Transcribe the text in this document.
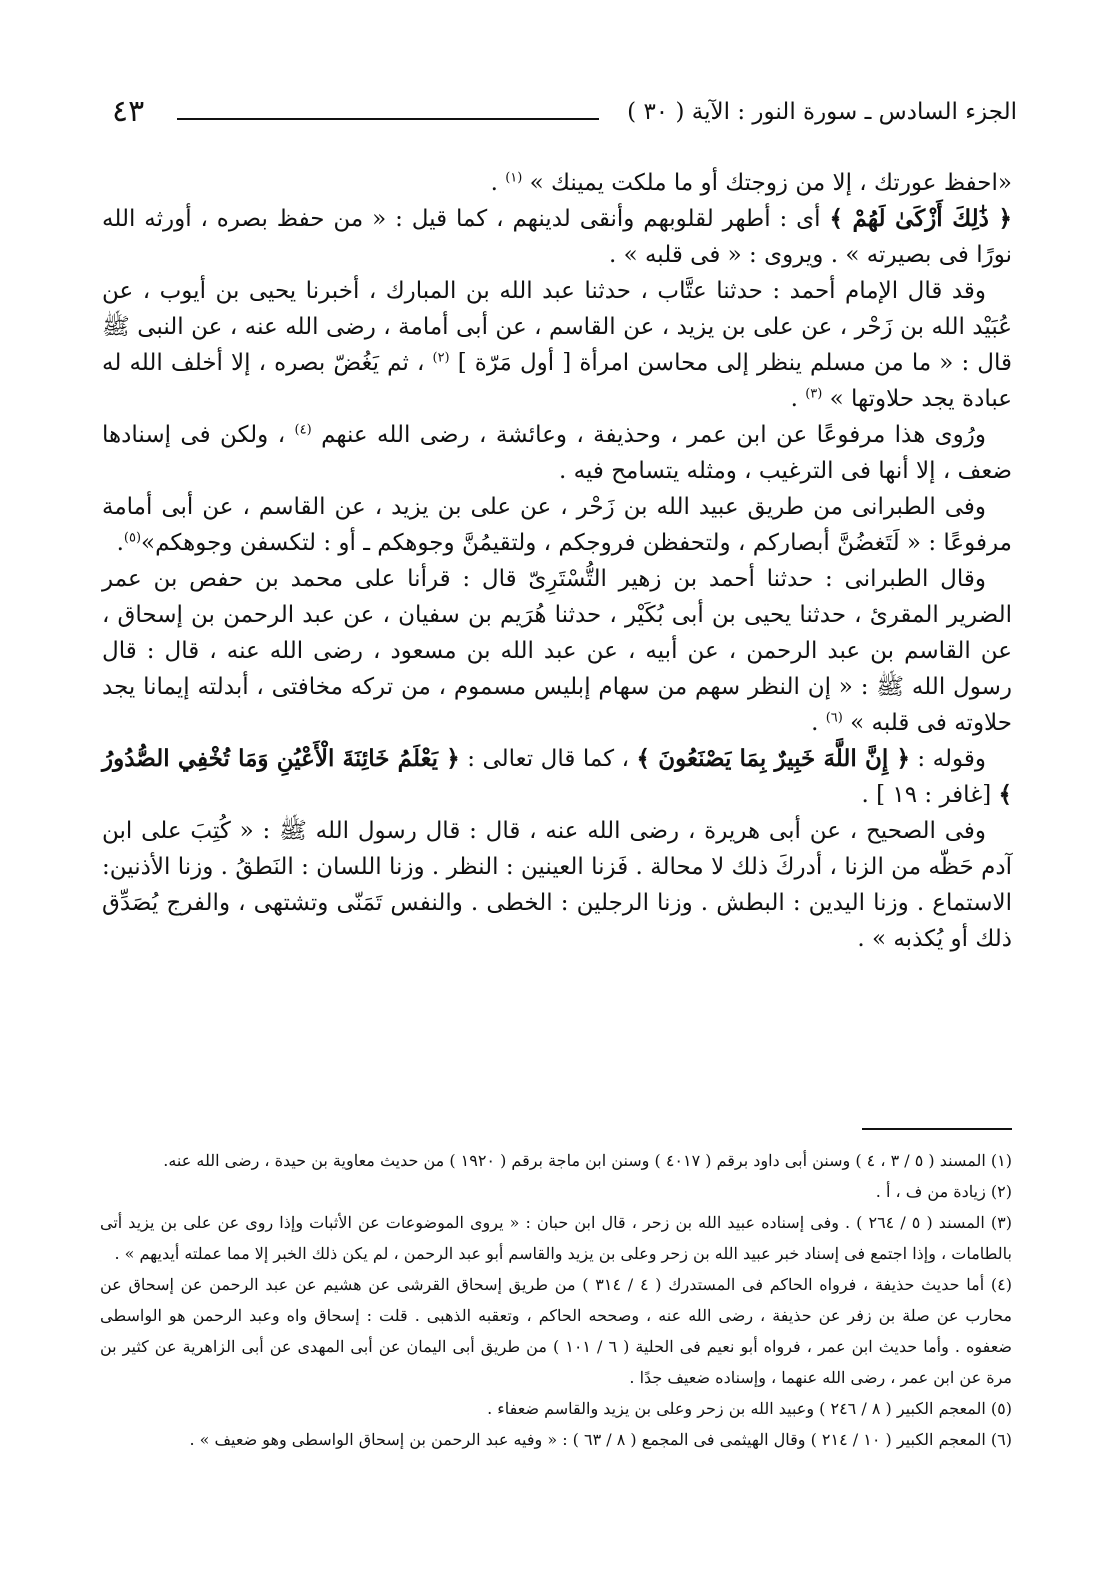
الجزء السادس ـ سورة النور : الآية ( ٣٠ )
٤٣

«احفظ عورتك ، إلا من زوجتك أو ما ملكت يمينك » $^{(١)}$ .

﴿ ذَٰلِكَ أَزْكَىٰ لَهُمْ ﴾ أى : أطهر لقلوبهم وأنقى لدينهم ، كما قيل : « من حفظ بصره ، أورثه الله نورًا فى بصيرته » . ويروى : « فى قلبه » .

وقد قال الإمام أحمد : حدثنا عتَّاب ، حدثنا عبد الله بن المبارك ، أخبرنا يحيى بن أيوب ، عن عُبَيْد الله بن زَحْر ، عن على بن يزيد ، عن القاسم ، عن أبى أمامة ، رضى الله عنه ، عن النبى ﷺ قال : « ما من مسلم ينظر إلى محاسن امرأة [ أول مَرّة ] $^{(٢)}$ ، ثم يَغُضّ بصره ، إلا أخلف الله له عبادة يجد حلاوتها » $^{(٣)}$ .

ورُوى هذا مرفوعًا عن ابن عمر ، وحذيفة ، وعائشة ، رضى الله عنهم $^{(٤)}$ ، ولكن فى إسنادها ضعف ، إلا أنها فى الترغيب ، ومثله يتسامح فيه .

وفى الطبرانى من طريق عبيد الله بن زَحْر ، عن على بن يزيد ، عن القاسم ، عن أبى أمامة مرفوعًا : « لَتَغضُنَّ أبصاركم ، ولتحفظن فروجكم ، ولتقيمُنَّ وجوهكم ـ أو : لتكسفن وجوهكم»$^{(٥)}$.

وقال الطبرانى : حدثنا أحمد بن زهير التُّسْتَرِىّ قال : قرأنا على محمد بن حفص بن عمر الضرير المقرئ ، حدثنا يحيى بن أبى بُكَيْر ، حدثنا هُرَيم بن سفيان ، عن عبد الرحمن بن إسحاق ، عن القاسم بن عبد الرحمن ، عن أبيه ، عن عبد الله بن مسعود ، رضى الله عنه ، قال : قال رسول الله ﷺ : « إن النظر سهم من سهام إبليس مسموم ، من تركه مخافتى ، أبدلته إيمانا يجد حلاوته فى قلبه » $^{(٦)}$ .

وقوله : ﴿ إِنَّ اللَّهَ خَبِيرٌ بِمَا يَصْنَعُونَ ﴾ ، كما قال تعالى : ﴿ يَعْلَمُ خَائِنَةَ الْأَعْيُنِ وَمَا تُخْفِي الصُّدُورُ ﴾ [غافر : ١٩ ] .

وفى الصحيح ، عن أبى هريرة ، رضى الله عنه ، قال : قال رسول الله ﷺ : « كُتِبَ على ابن آدم حَظّه من الزنا ، أدركَ ذلك لا محالة . فَزنا العينين : النظر . وزنا اللسان : النَطقُ . وزنا الأذنين: الاستماع . وزنا اليدين : البطش . وزنا الرجلين : الخطى . والنفس تَمَنّى وتشتهى ، والفرج يُصَدِّق ذلك أو يُكذبه » .

(١) المسند ( ٥ / ٣ ، ٤ ) وسنن أبى داود برقم ( ٤٠١٧ ) وسنن ابن ماجة برقم ( ١٩٢٠ ) من حديث معاوية بن حيدة ، رضى الله عنه.

(٢) زيادة من ف ، أ .

(٣) المسند ( ٥ / ٢٦٤ ) . وفى إسناده عبيد الله بن زحر ، قال ابن حبان : « يروى الموضوعات عن الأثبات وإذا روى عن على بن يزيد أتى بالطامات ، وإذا اجتمع فى إسناد خبر عبيد الله بن زحر وعلى بن يزيد والقاسم أبو عبد الرحمن ، لم يكن ذلك الخبر إلا مما عملته أيديهم » .

(٤) أما حديث حذيفة ، فرواه الحاكم فى المستدرك ( ٤ / ٣١٤ ) من طريق إسحاق القرشى عن هشيم عن عبد الرحمن عن إسحاق عن محارب عن صلة بن زفر عن حذيفة ، رضى الله عنه ، وصححه الحاكم ، وتعقبه الذهبى . قلت : إسحاق واه وعبد الرحمن هو الواسطى ضعفوه . وأما حديث ابن عمر ، فرواه أبو نعيم فى الحلية ( ٦ / ١٠١ ) من طريق أبى اليمان عن أبى المهدى عن أبى الزاهرية عن كثير بن مرة عن ابن عمر ، رضى الله عنهما ، وإسناده ضعيف جدًا .

(٥) المعجم الكبير ( ٨ / ٢٤٦ ) وعبيد الله بن زحر وعلى بن يزيد والقاسم ضعفاء .

(٦) المعجم الكبير ( ١٠ / ٢١٤ ) وقال الهيثمى فى المجمع ( ٨ / ٦٣ ) : « وفيه عبد الرحمن بن إسحاق الواسطى وهو ضعيف » .
